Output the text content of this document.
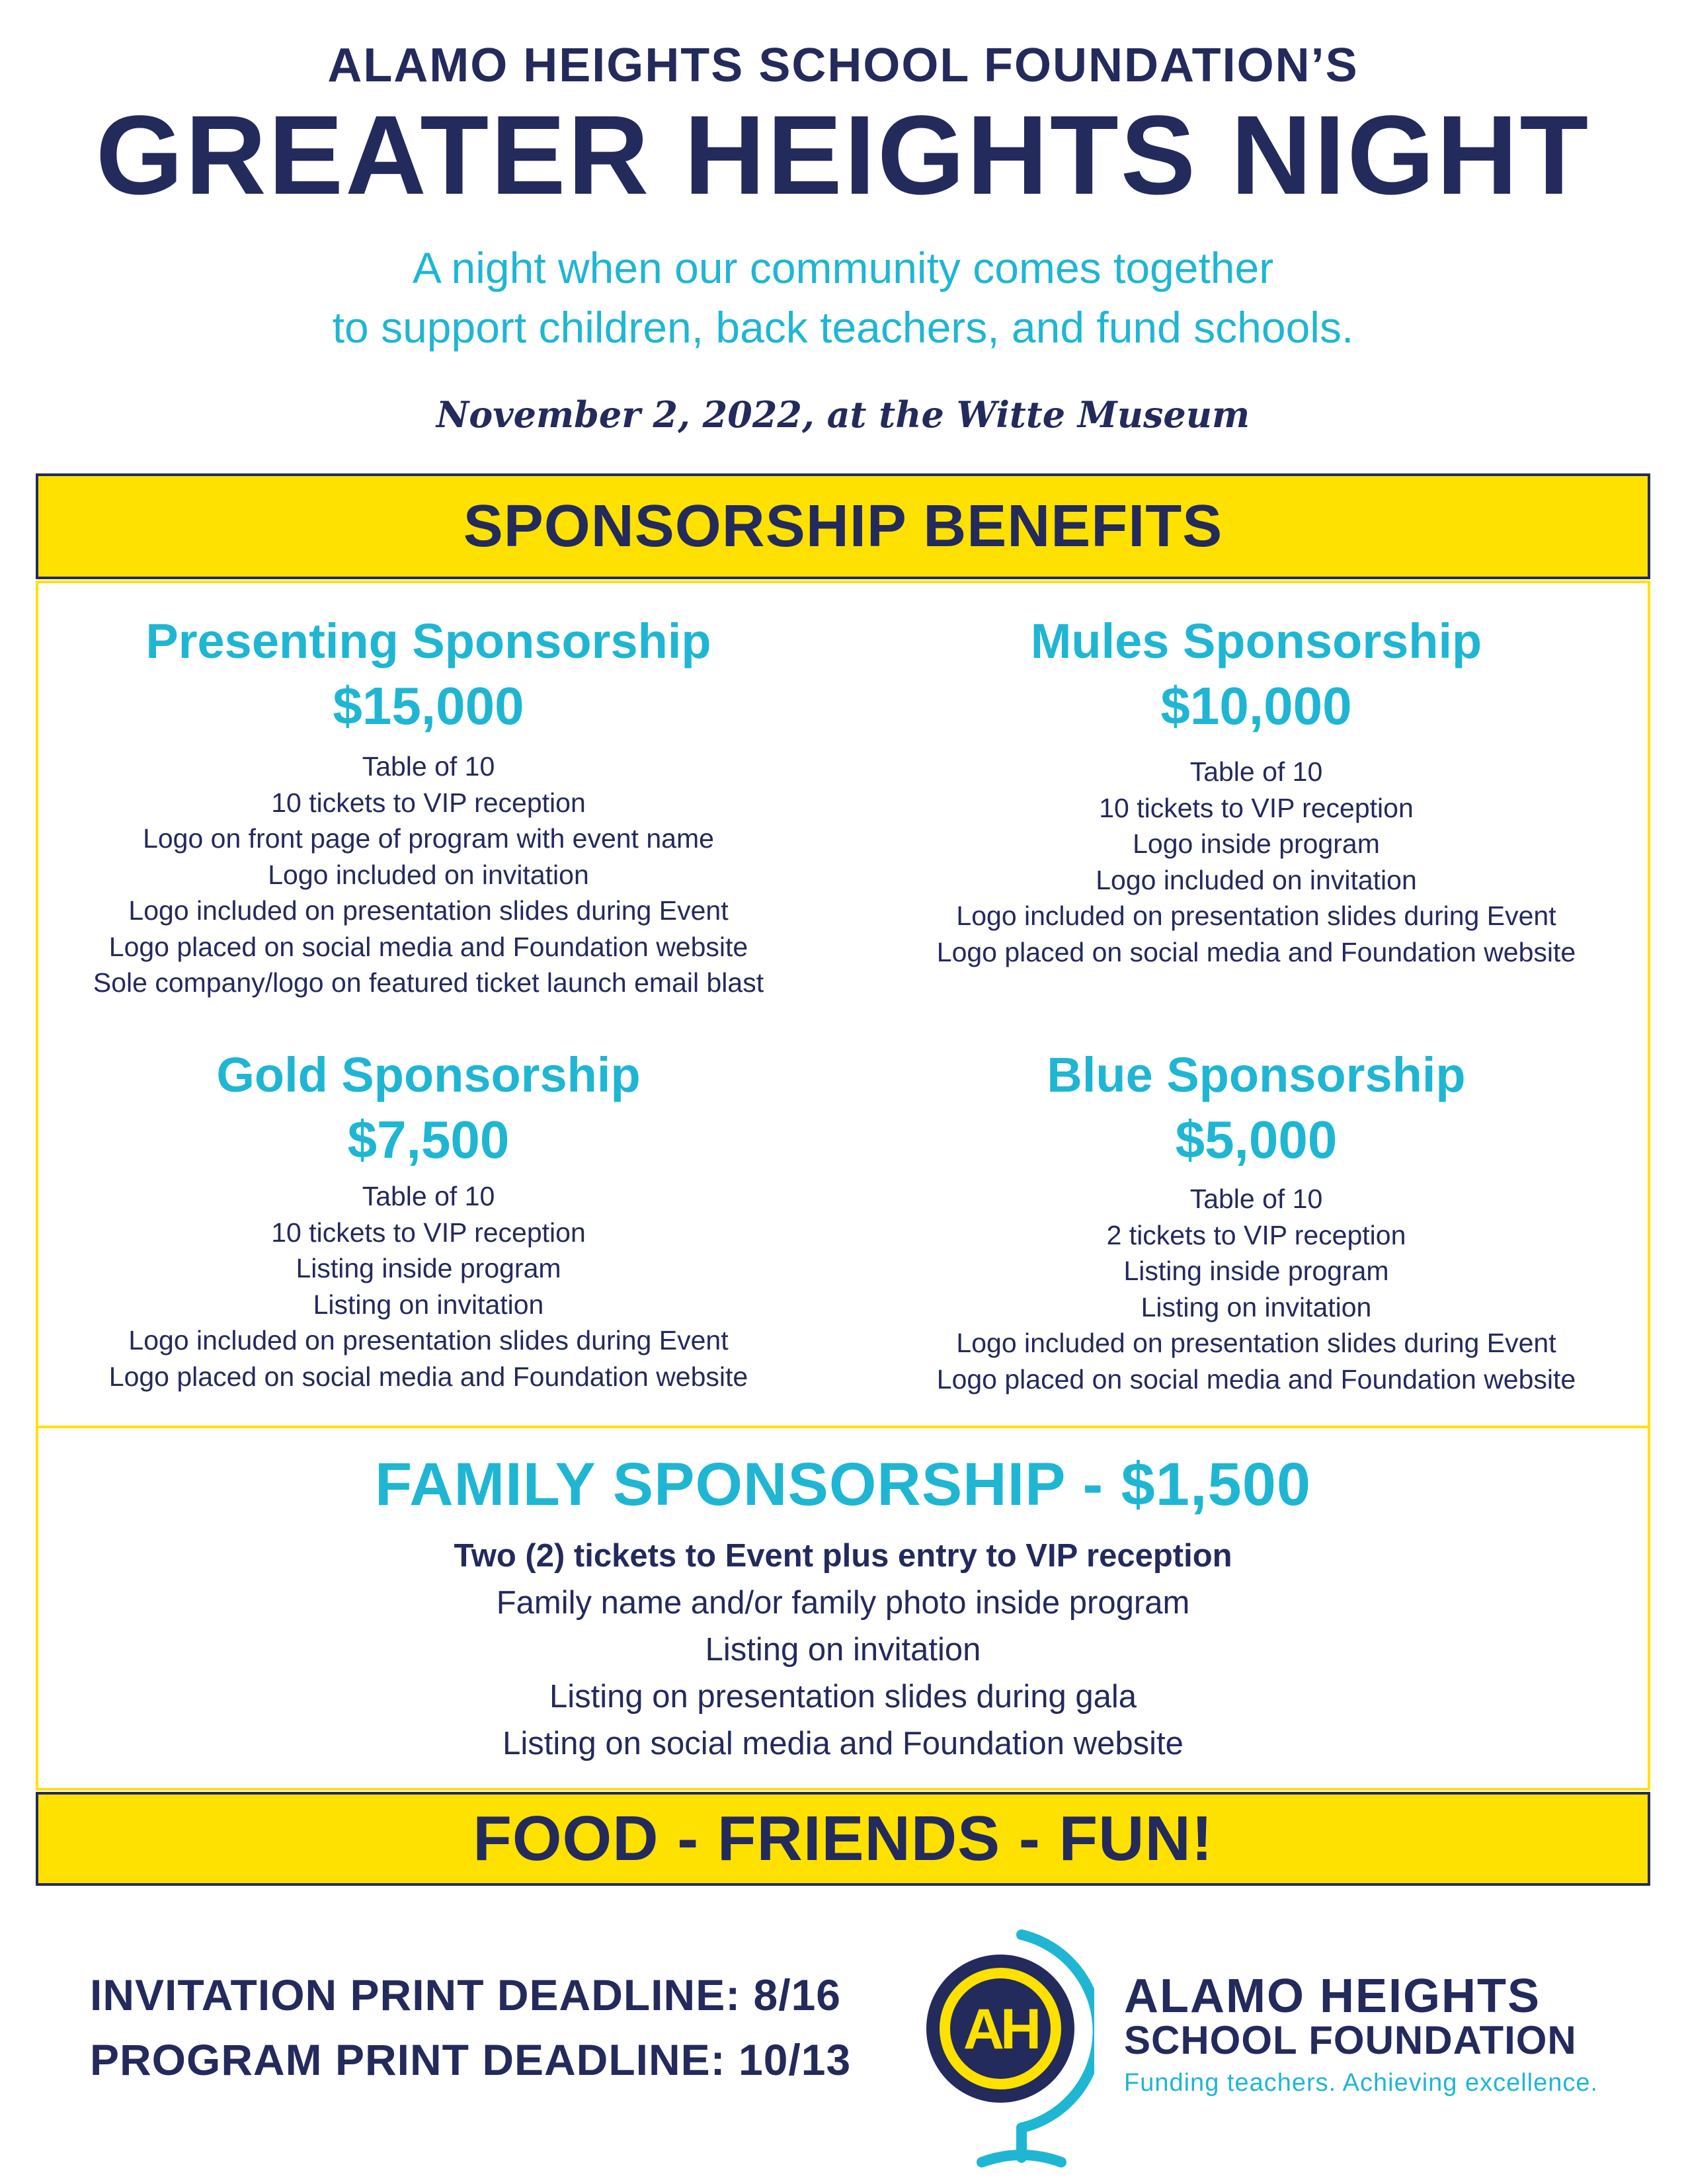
ALAMO HEIGHTS SCHOOL FOUNDATION’S
GREATER HEIGHTS NIGHT
A night when our community comes together
to support children, back teachers, and fund schools.
November 2, 2022, at the Witte Museum
SPONSORSHIP BENEFITS
Presenting Sponsorship
$15,000
Table of 10
10 tickets to VIP reception
Logo on front page of program with event name
Logo included on invitation
Logo included on presentation slides during Event
Logo placed on social media and Foundation website
Sole company/logo on featured ticket launch email blast
Mules Sponsorship
$10,000
Table of 10
10 tickets to VIP reception
Logo inside program
Logo included on invitation
Logo included on presentation slides during Event
Logo placed on social media and Foundation website
Gold Sponsorship
$7,500
Table of 10
10 tickets to VIP reception
Listing inside program
Listing on invitation
Logo included on presentation slides during Event
Logo placed on social media and Foundation website
Blue Sponsorship
$5,000
Table of 10
2 tickets to VIP reception
Listing inside program
Listing on invitation
Logo included on presentation slides during Event
Logo placed on social media and Foundation website
FAMILY SPONSORSHIP - $1,500
Two (2) tickets to Event plus entry to VIP reception
Family name and/or family photo inside program
Listing on invitation
Listing on presentation slides during gala
Listing on social media and Foundation website
FOOD - FRIENDS - FUN!
INVITATION PRINT DEADLINE: 8/16
PROGRAM PRINT DEADLINE: 10/13 AH
ALAMO HEIGHTS
SCHOOL FOUNDATION
Funding teachers. Achieving excellence.
